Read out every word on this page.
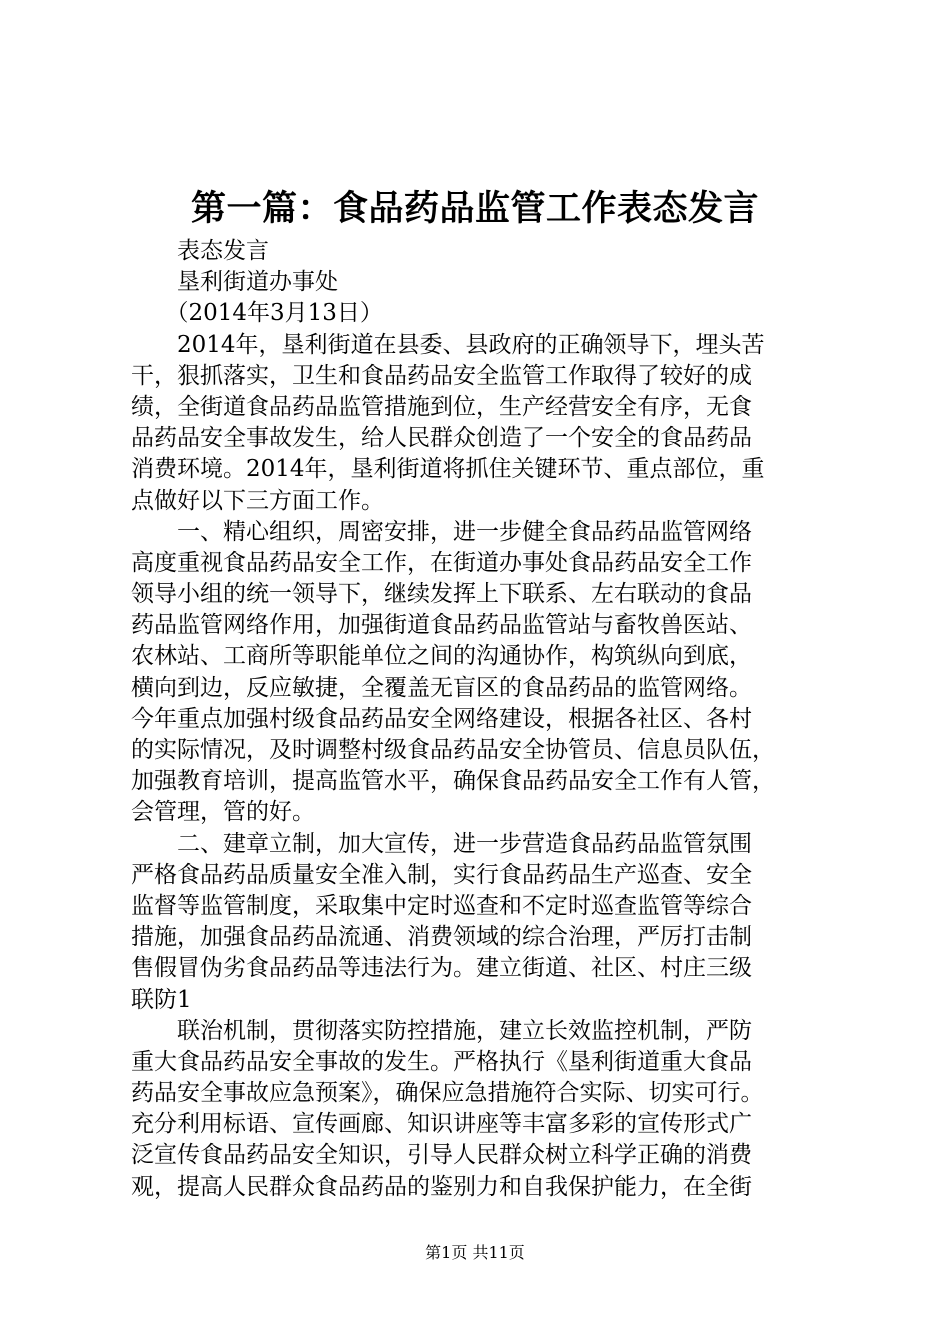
第一篇：食品药品监管工作表态发言
　　表态发言
　　垦利街道办事处
　　（2014年3月13日）
　　2014年，垦利街道在县委、县政府的正确领导下，埋头苦
干，狠抓落实，卫生和食品药品安全监管工作取得了较好的成
绩，全街道食品药品监管措施到位，生产经营安全有序，无食
品药品安全事故发生，给人民群众创造了一个安全的食品药品
消费环境。2014年，垦利街道将抓住关键环节、重点部位，重
点做好以下三方面工作。
　　一、精心组织，周密安排，进一步健全食品药品监管网络
高度重视食品药品安全工作，在街道办事处食品药品安全工作
领导小组的统一领导下，继续发挥上下联系、左右联动的食品
药品监管网络作用，加强街道食品药品监管站与畜牧兽医站、
农林站、工商所等职能单位之间的沟通协作，构筑纵向到底，
横向到边，反应敏捷，全覆盖无盲区的食品药品的监管网络。
今年重点加强村级食品药品安全网络建设，根据各社区、各村
的实际情况，及时调整村级食品药品安全协管员、信息员队伍，
加强教育培训，提高监管水平，确保食品药品安全工作有人管，
会管理，管的好。
　　二、建章立制，加大宣传，进一步营造食品药品监管氛围
严格食品药品质量安全准入制，实行食品药品生产巡查、安全
监督等监管制度，采取集中定时巡查和不定时巡查监管等综合
措施，加强食品药品流通、消费领域的综合治理，严厉打击制
售假冒伪劣食品药品等违法行为。建立街道、社区、村庄三级
联防1
　　联治机制，贯彻落实防控措施，建立长效监控机制，严防
重大食品药品安全事故的发生。严格执行《垦利街道重大食品
药品安全事故应急预案》，确保应急措施符合实际、切实可行。
充分利用标语、宣传画廊、知识讲座等丰富多彩的宣传形式广
泛宣传食品药品安全知识，引导人民群众树立科学正确的消费
观，提高人民群众食品药品的鉴别力和自我保护能力，在全街
第1页 共11页
